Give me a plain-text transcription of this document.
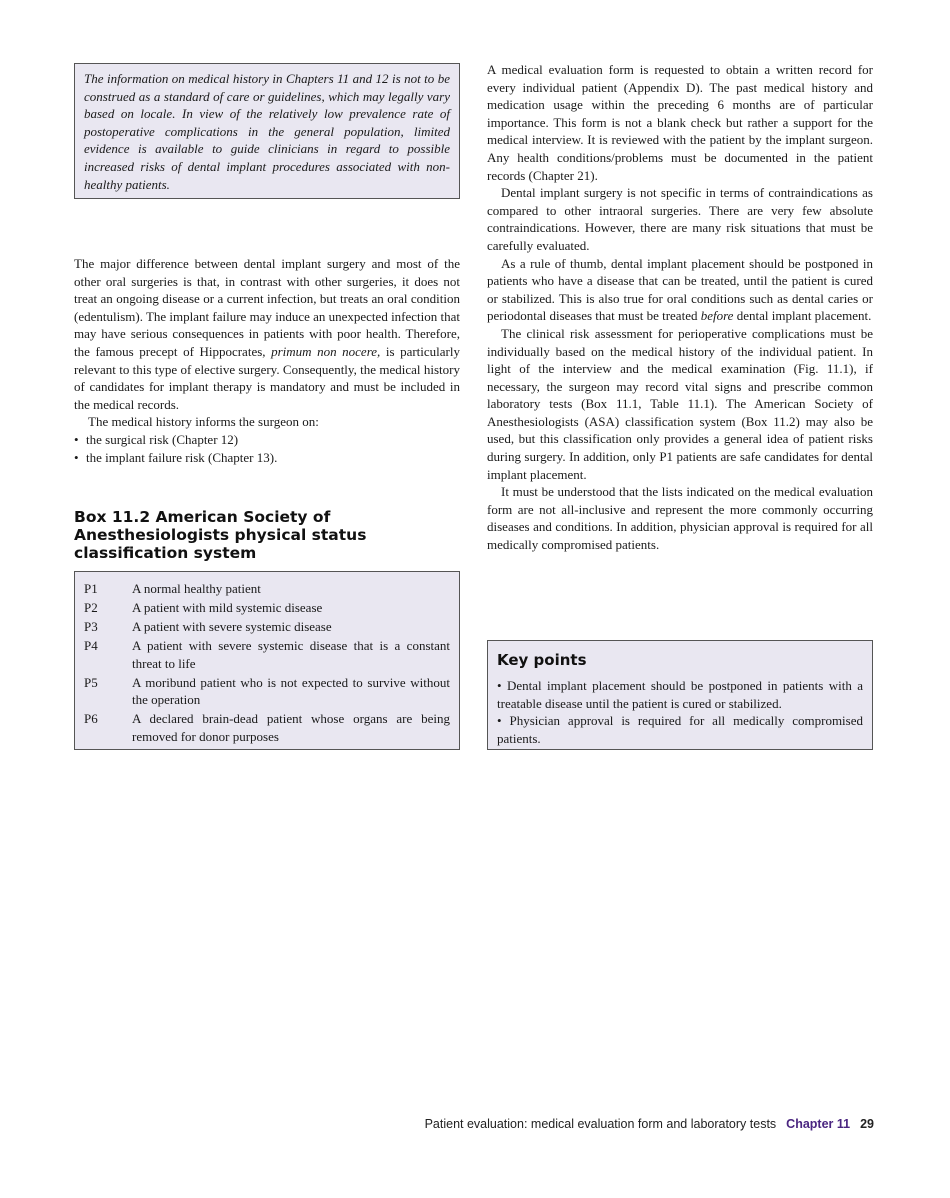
The information on medical history in Chapters 11 and 12 is not to be construed as a standard of care or guidelines, which may legally vary based on locale. In view of the relatively low prevalence rate of postoperative complications in the general population, limited evidence is available to guide clinicians in regard to possible increased risks of dental implant procedures associated with non-healthy patients.

The major difference between dental implant surgery and most of the other oral surgeries is that, in contrast with other surgeries, it does not treat an ongoing disease or a current infection, but treats an oral condition (edentulism). The implant failure may induce an unexpected infection that may have serious consequences in patients with poor health. Therefore, the famous precept of Hippocrates, primum non nocere, is particularly relevant to this type of elective surgery. Consequently, the medical history of candidates for implant therapy is mandatory and must be included in the medical records.

The medical history informs the surgeon on:

• the surgical risk (Chapter 12)
• the implant failure risk (Chapter 13).
Box 11.2 American Society of Anesthesiologists physical status classification system
P1	A normal healthy patient
P2	A patient with mild systemic disease
P3	A patient with severe systemic disease
P4	A patient with severe systemic disease that is a constant threat to life
P5	A moribund patient who is not expected to survive without the operation
P6	A declared brain-dead patient whose organs are being removed for donor purposes

A medical evaluation form is requested to obtain a written record for every individual patient (Appendix D). The past medical history and medication usage within the preceding 6 months are of particular importance. This form is not a blank check but rather a support for the medical interview. It is reviewed with the patient by the implant surgeon. Any health conditions/problems must be documented in the patient records (Chapter 21).

Dental implant surgery is not specific in terms of contraindications as compared to other intraoral surgeries. There are very few absolute contraindications. However, there are many risk situations that must be carefully evaluated.

As a rule of thumb, dental implant placement should be postponed in patients who have a disease that can be treated, until the patient is cured or stabilized. This is also true for oral conditions such as dental caries or periodontal diseases that must be treated before dental implant placement.

The clinical risk assessment for perioperative complications must be individually based on the medical history of the individual patient. In light of the interview and the medical examination (Fig. 11.1), if necessary, the surgeon may record vital signs and prescribe common laboratory tests (Box 11.1, Table 11.1). The American Society of Anesthesiologists (ASA) classification system (Box 11.2) may also be used, but this classification only provides a general idea of patient risks during surgery. In addition, only P1 patients are safe candidates for dental implant placement.

It must be understood that the lists indicated on the medical evaluation form are not all-inclusive and represent the more commonly occurring diseases and conditions. In addition, physician approval is required for all medically compromised patients.

Key points

• Dental implant placement should be postponed in patients with a treatable disease until the patient is cured or stabilized.

• Physician approval is required for all medically compromised patients.

Patient evaluation: medical evaluation form and laboratory tests Chapter 11 29
